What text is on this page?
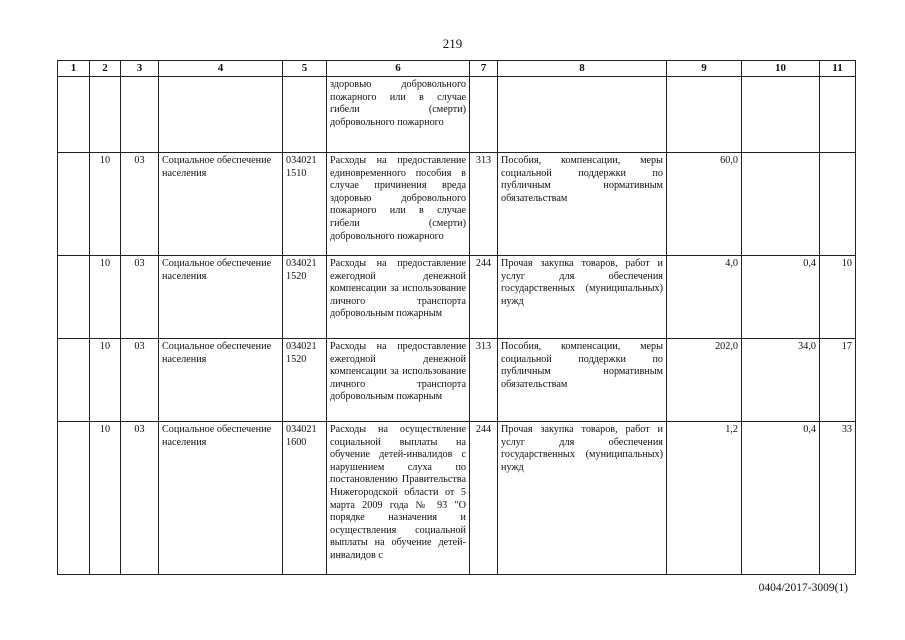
219
1	2	3	4	5	6	7	8	9	10	11
					здоровью добровольного пожарного или в случае гибели (смерти) добровольного пожарного					
	10	03	Социальное обеспечение населения	034021 1510	Расходы на предоставление единовременного пособия в случае причинения вреда здоровью добровольного пожарного или в случае гибели (смерти) добровольного пожарного	313	Пособия, компенсации, меры социальной поддержки по публичным нормативным обязательствам	60,0		
	10	03	Социальное обеспечение населения	034021 1520	Расходы на предоставление ежегодной денежной компенсации за использование личного транспорта добровольным пожарным	244	Прочая закупка товаров, работ и услуг для обеспечения государственных (муниципальных) нужд	4,0	0,4	10
	10	03	Социальное обеспечение населения	034021 1520	Расходы на предоставление ежегодной денежной компенсации за использование личного транспорта добровольным пожарным	313	Пособия, компенсации, меры социальной поддержки по публичным нормативным обязательствам	202,0	34,0	17
	10	03	Социальное обеспечение населения	034021 1600	Расходы на осуществление социальной выплаты на обучение детей-инвалидов с нарушением слуха по постановлению Правительства Нижегородской области от 5 марта 2009 года № 93 "О порядке назначения и осуществления социальной выплаты на обучение детей-инвалидов с	244	Прочая закупка товаров, работ и услуг для обеспечения государственных (муниципальных) нужд	1,2	0,4	33
0404/2017-3009(1)
